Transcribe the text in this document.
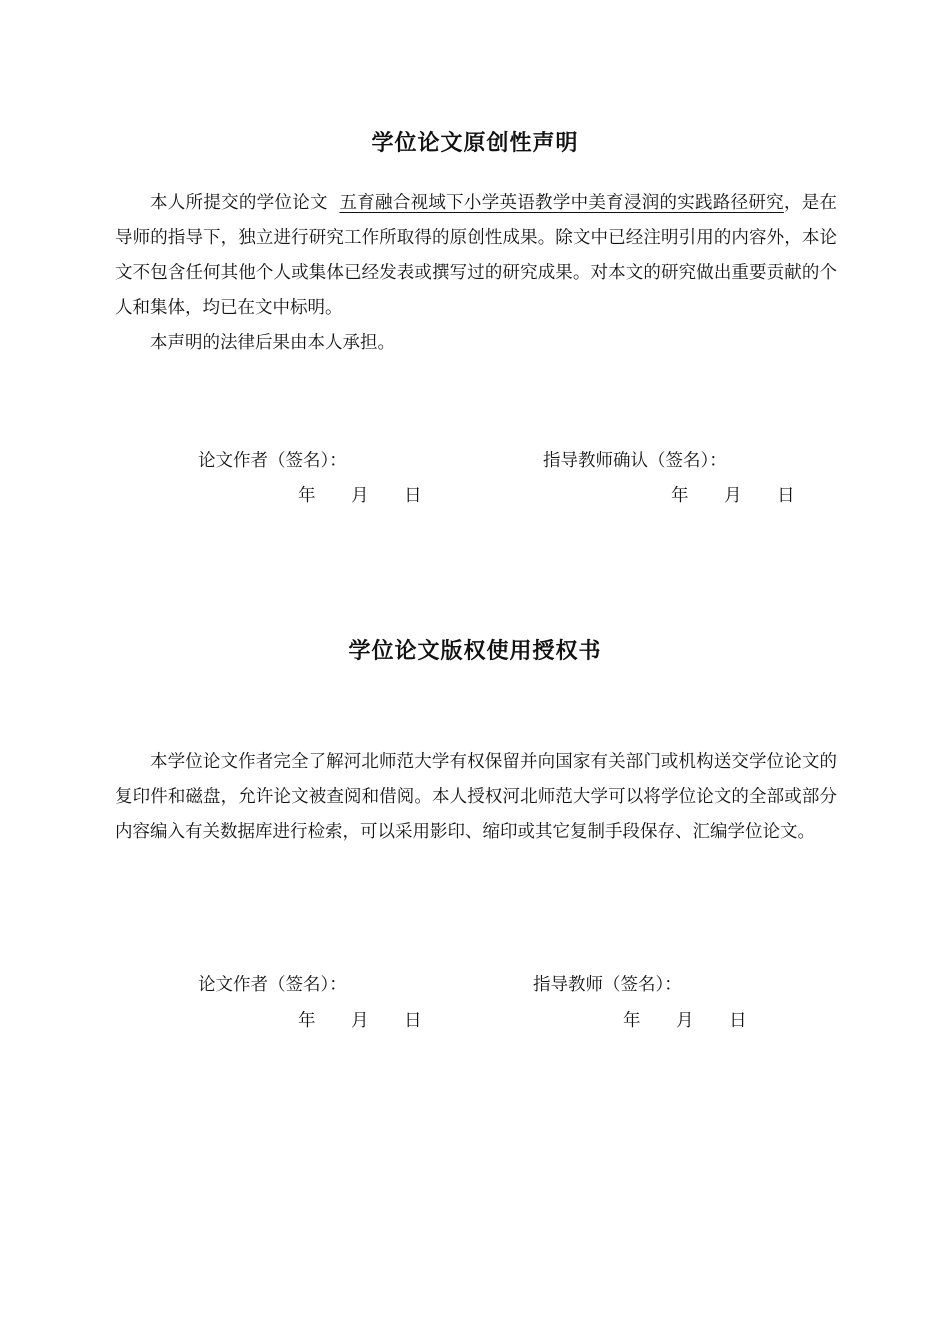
学位论文原创性声明

本人所提交的学位论文 五育融合视域下小学英语教学中美育浸润的实践路径研究，是在导师的指导下，独立进行研究工作所取得的原创性成果。除文中已经注明引用的内容外，本论文不包含任何其他个人或集体已经发表或撰写过的研究成果。对本文的研究做出重要贡献的个人和集体，均已在文中标明。

本声明的法律后果由本人承担。

论文作者（签名）：	指导教师确认（签名）：
年 月 日	年 月 日
学位论文版权使用授权书

本学位论文作者完全了解河北师范大学有权保留并向国家有关部门或机构送交学位论文的复印件和磁盘，允许论文被查阅和借阅。本人授权河北师范大学可以将学位论文的全部或部分内容编入有关数据库进行检索，可以采用影印、缩印或其它复制手段保存、汇编学位论文。

论文作者（签名）：	指导教师（签名）：
年 月 日	年 月 日
